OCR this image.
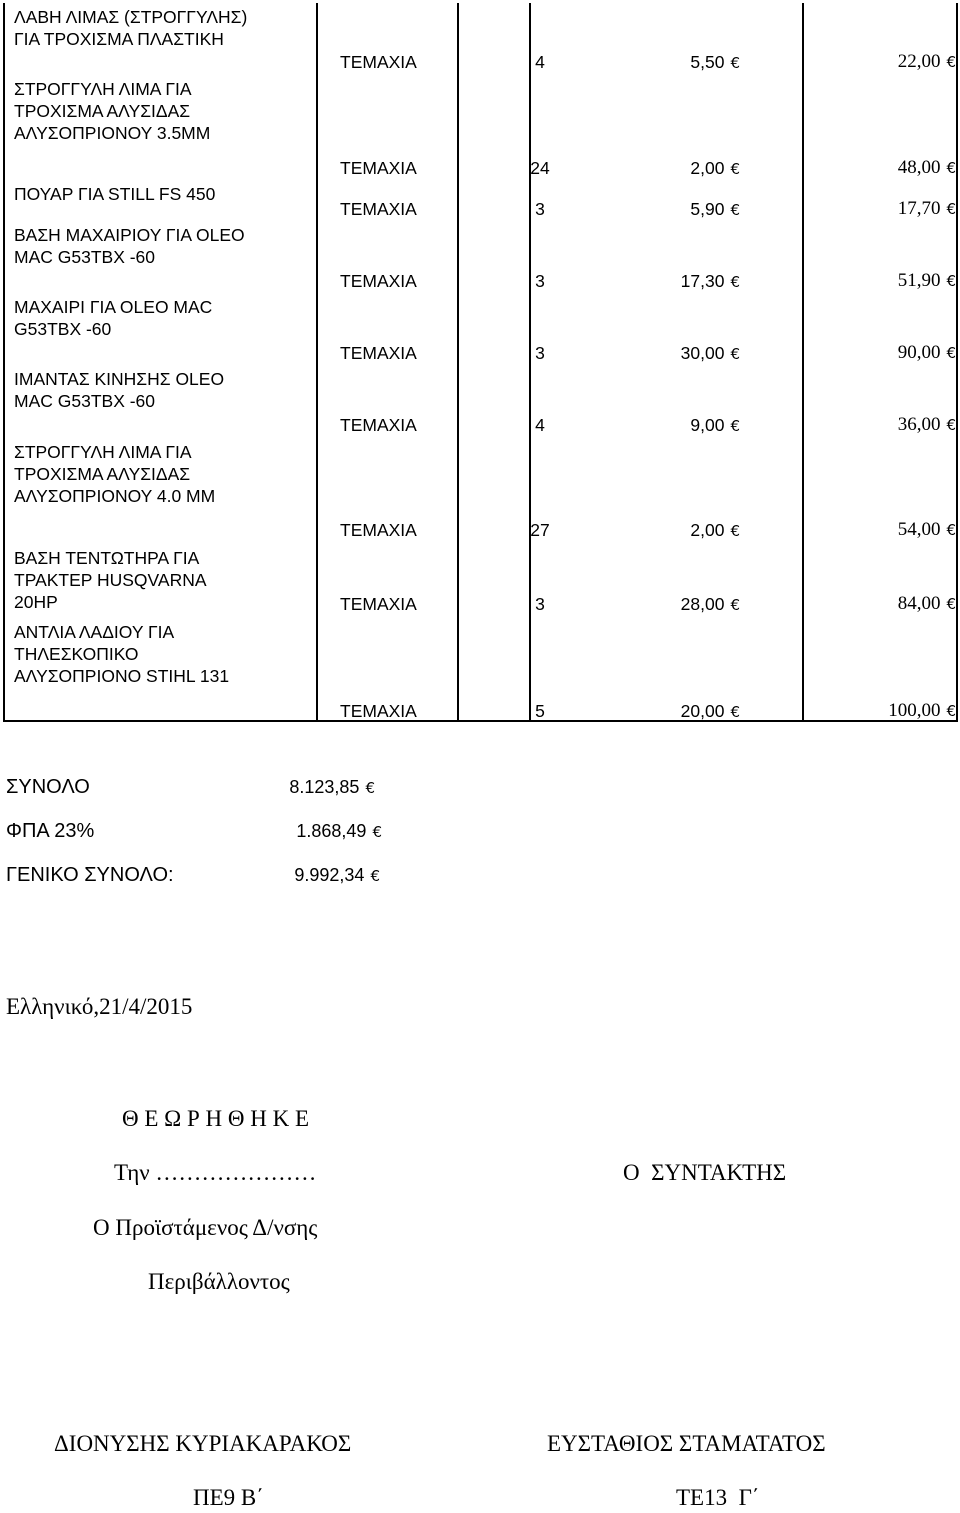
ΛΑΒΗ ΛΙΜΑΣ (ΣΤΡΟΓΓΥΛΗΣ)
ΓΙΑ ΤΡΟΧΙΣΜΑ ΠΛΑΣΤΙΚΗ
ΤΕΜΑΧΙΑ	4	5,50 €	22,00 €
ΣΤΡΟΓΓΥΛΗ ΛΙΜΑ ΓΙΑ
ΤΡΟΧΙΣΜΑ ΑΛΥΣΙΔΑΣ
ΑΛΥΣΟΠΡΙΟΝΟΥ 3.5ΜΜ
ΤΕΜΑΧΙΑ	24	2,00 €	48,00 €
ΠΟΥΑΡ ΓΙΑ STILL FS 450
ΤΕΜΑΧΙΑ	3	5,90 €	17,70 €
ΒΑΣΗ ΜΑΧΑΙΡΙΟΥ ΓΙΑ OLEO
MAC G53TBX -60
ΤΕΜΑΧΙΑ	3	17,30 €	51,90 €
ΜΑΧΑΙΡΙ ΓΙΑ OLEO MAC
G53TBX -60
ΤΕΜΑΧΙΑ	3	30,00 €	90,00 €
ΙΜΑΝΤΑΣ ΚΙΝΗΣΗΣ OLEO
MAC G53TBX -60
ΤΕΜΑΧΙΑ	4	9,00 €	36,00 €
ΣΤΡΟΓΓΥΛΗ ΛΙΜΑ ΓΙΑ
ΤΡΟΧΙΣΜΑ ΑΛΥΣΙΔΑΣ
ΑΛΥΣΟΠΡΙΟΝΟΥ 4.0 ΜΜ
ΤΕΜΑΧΙΑ	27	2,00 €	54,00 €
ΒΑΣΗ ΤΕΝΤΩΤΗΡΑ ΓΙΑ
ΤΡΑΚΤΕΡ HUSQVARNA
20HP	ΤΕΜΑΧΙΑ	3	28,00 €	84,00 €
ΑΝΤΛΙΑ ΛΑΔΙΟΥ ΓΙΑ
ΤΗΛΕΣΚΟΠΙΚΟ
ΑΛΥΣΟΠΡΙΟΝΟ STIHL 131
ΤΕΜΑΧΙΑ	5	20,00 €	100,00 €
ΣΥΝΟΛΟ	8.123,85 €
ΦΠΑ 23%	1.868,49 €
ΓΕΝΙΚΟ ΣΥΝΟΛΟ:	9.992,34 €
Ελληνικό,21/4/2015
Θ Ε Ω Ρ Η Θ Η Κ Ε
Την …………………
Ο Προϊστάμενος Δ/νσης
Περιβάλλοντος
ΔΙΟΝΥΣΗΣ ΚΥΡΙΑΚΑΡΑΚΟΣ
ΠΕ9 Β΄
Ο  ΣΥΝΤΑΚΤΗΣ
ΕΥΣΤΑΘΙΟΣ ΣΤΑΜΑΤΑΤΟΣ
ΤΕ13  Γ΄
